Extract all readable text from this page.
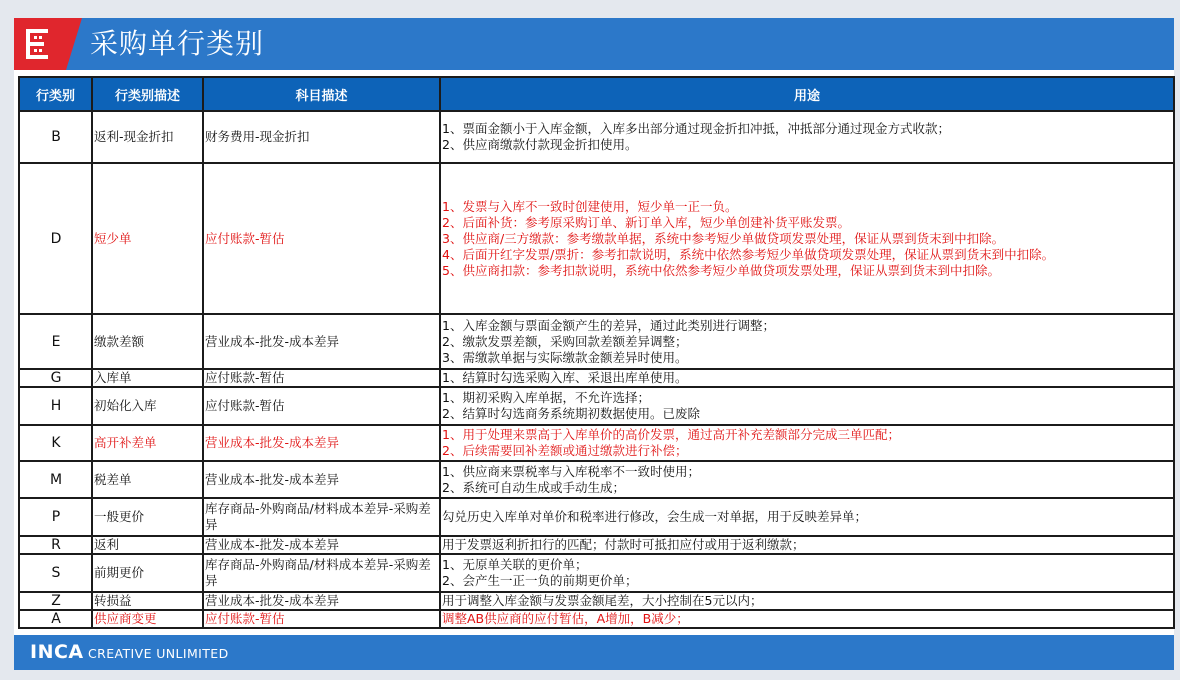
采购单行类别
行类别	行类别描述	科目描述	用途
B	返利-现金折扣	财务费用-现金折扣	1、票面金额小于入库金额，入库多出部分通过现金折扣冲抵，冲抵部分通过现金方式收款；
2、供应商缴款付款现金折扣使用。

D	短少单	应付账款-暂估	1、发票与入库不一致时创建使用，短少单一正一负。
2、后面补货：参考原采购订单、新订单入库，短少单创建补货平账发票。
3、供应商/三方缴款：参考缴款单据，系统中参考短少单做贷项发票处理，保证从票到货末到中扣除。
4、后面开红字发票/票折：参考扣款说明，系统中依然参考短少单做贷项发票处理，保证从票到货末到中扣除。
5、供应商扣款：参考扣款说明，系统中依然参考短少单做贷项发票处理，保证从票到货末到中扣除。

E	缴款差额	营业成本-批发-成本差异	1、入库金额与票面金额产生的差异，通过此类别进行调整；
2、缴款发票差额，采购回款差额差异调整；
3、需缴款单据与实际缴款金额差异时使用。

G	入库单	应付账款-暂估	1、结算时勾选采购入库、采退出库单使用。

H	初始化入库	应付账款-暂估	1、期初采购入库单据，不允许选择；
2、结算时勾选商务系统期初数据使用。已废除

K	高开补差单	营业成本-批发-成本差异	1、用于处理来票高于入库单价的高价发票，通过高开补充差额部分完成三单匹配；
2、后续需要回补差额或通过缴款进行补偿；

M	税差单	营业成本-批发-成本差异	1、供应商来票税率与入库税率不一致时使用；
2、系统可自动生成或手动生成；

P	一般更价	库存商品-外购商品/材料成本差异-采购差异	勾兑历史入库单对单价和税率进行修改，会生成一对单据，用于反映差异单；

R	返利	营业成本-批发-成本差异	用于发票返利折扣行的匹配；付款时可抵扣应付或用于返利缴款；

S	前期更价	库存商品-外购商品/材料成本差异-采购差异	1、无原单关联的更价单；
2、会产生一正一负的前期更价单；

Z	转损益	营业成本-批发-成本差异	用于调整入库金额与发票金额尾差，大小控制在5元以内；

A	供应商变更	应付账款-暂估	调整AB供应商的应付暂估，A增加，B减少；
INCA CREATIVE UNLIMITED
